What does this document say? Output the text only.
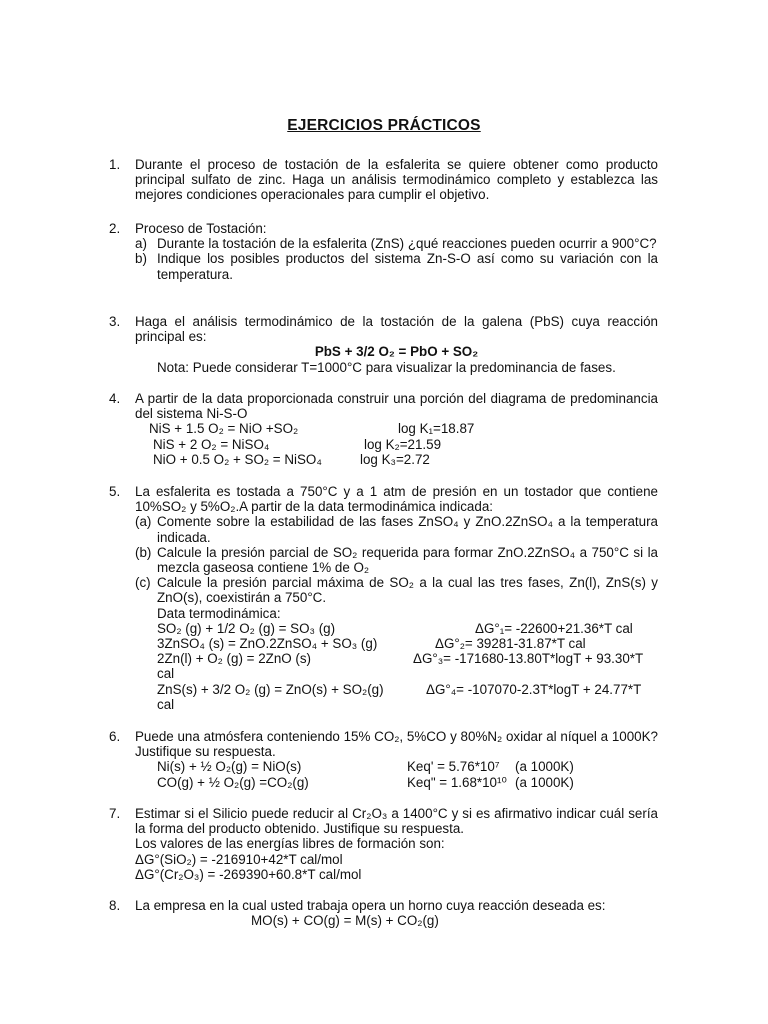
EJERCICIOS PRÁCTICOS
1. Durante el proceso de tostación de la esfalerita se quiere obtener como producto principal sulfato de zinc. Haga un análisis termodinámico completo y establezca las mejores condiciones operacionales para cumplir el objetivo.

2. Proceso de Tostación:

a) Durante la tostación de la esfalerita (ZnS) ¿qué reacciones pueden ocurrir a 900°C?

b) Indique los posibles productos del sistema Zn-S-O así como su variación con la temperatura.

3. Haga el análisis termodinámico de la tostación de la galena (PbS) cuya reacción principal es:

PbS + 3/2 O₂ = PbO + SO₂

Nota: Puede considerar T=1000°C para visualizar la predominancia de fases.

4. A partir de la data proporcionada construir una porción del diagrama de predominancia del sistema Ni-S-O

NiS + 1.5 O₂ = NiO +SO₂	log K₁=18.87
NiS + 2 O₂ = NiSO₄	log K₂=21.59
NiO + 0.5 O₂ + SO₂ = NiSO₄	log K₃=2.72
5. La esfalerita es tostada a 750°C y a 1 atm de presión en un tostador que contiene 10%SO₂ y 5%O₂.A partir de la data termodinámica indicada:

(a) Comente sobre la estabilidad de las fases ZnSO₄ y ZnO.2ZnSO₄ a la temperatura indicada.

(b) Calcule la presión parcial de SO₂ requerida para formar ZnO.2ZnSO₄ a 750°C si la mezcla gaseosa contiene 1% de O₂

(c) Calcule la presión parcial máxima de SO₂ a la cual las tres fases, Zn(l), ZnS(s) y ZnO(s), coexistirán a 750°C.

Data termodinámica:

SO₂ (g) + 1/2 O₂ (g) = SO₃ (g)	ΔG°₁= -22600+21.36*T cal
3ZnSO₄ (s) = ZnO.2ZnSO₄ + SO₃ (g)	ΔG°₂= 39281-31.87*T cal
2Zn(l) + O₂ (g) = 2ZnO (s)	ΔG°₃= -171680-13.80T*logT + 93.30*T
cal
ZnS(s) + 3/2 O₂ (g) = ZnO(s) + SO₂(g)	ΔG°₄= -107070-2.3T*logT + 24.77*T
cal
6. Puede una atmósfera conteniendo 15% CO₂, 5%CO y 80%N₂ oxidar al níquel a 1000K? Justifique su respuesta.

Ni(s) + ½ O₂(g) = NiO(s)	Keq' = 5.76*10⁷ (a 1000K)
CO(g) + ½ O₂(g) =CO₂(g)	Keq" = 1.68*10¹⁰ (a 1000K)
7. Estimar si el Silicio puede reducir al Cr₂O₃ a 1400°C y si es afirmativo indicar cuál sería la forma del producto obtenido. Justifique su respuesta.

Los valores de las energías libres de formación son:

ΔG°(SiO₂) = -216910+42*T cal/mol

ΔG°(Cr₂O₃) = -269390+60.8*T cal/mol

8. La empresa en la cual usted trabaja opera un horno cuya reacción deseada es:

MO(s) + CO(g) = M(s) + CO₂(g)
